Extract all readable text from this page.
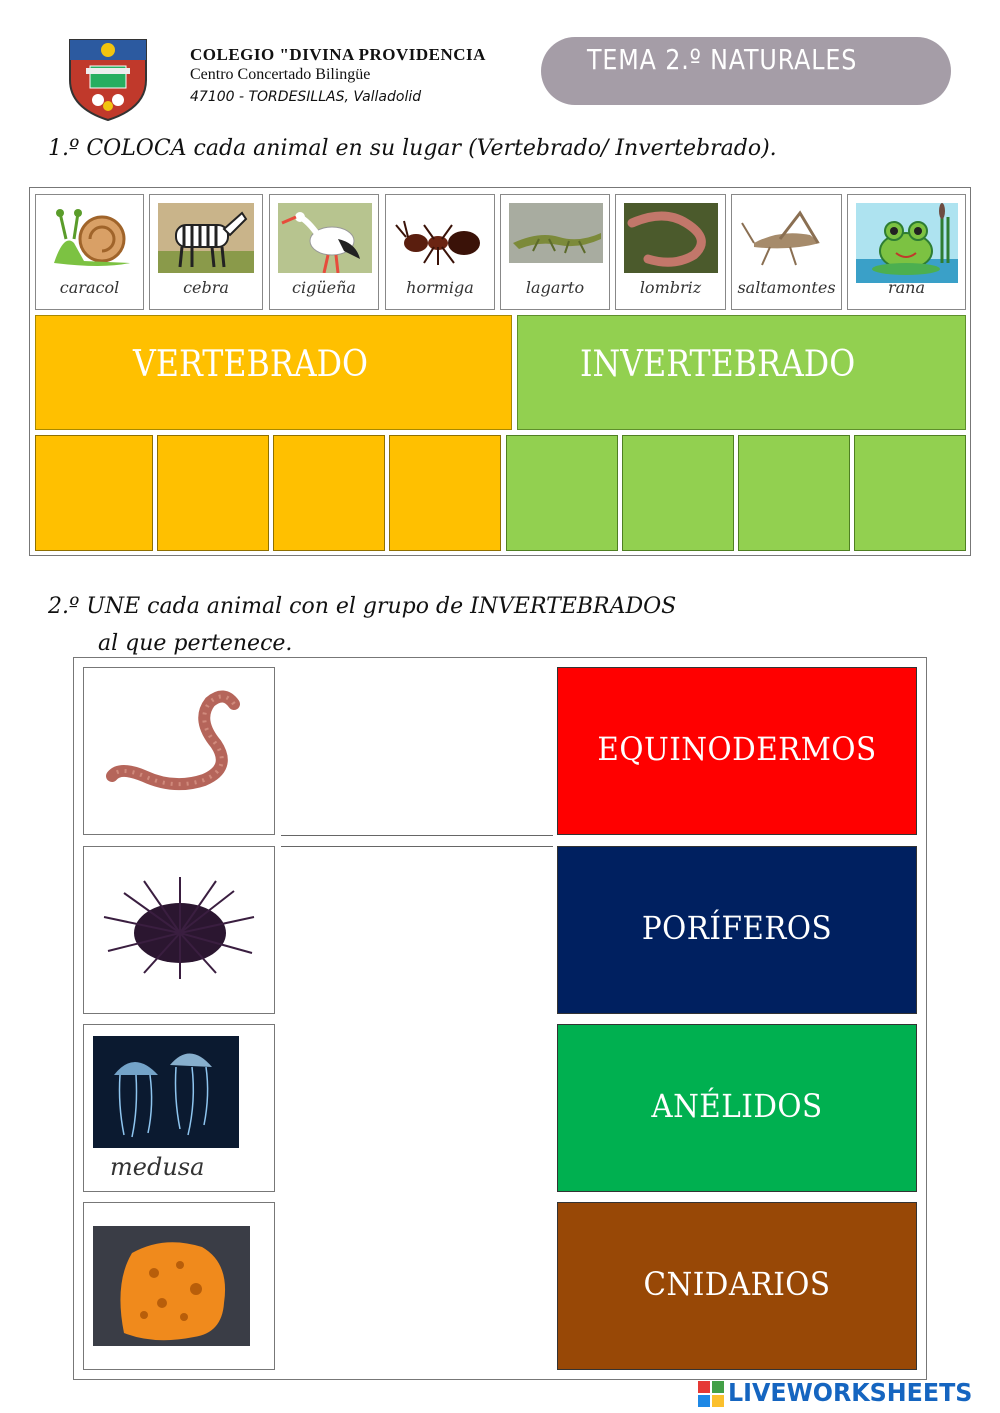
COLEGIO "DIVINA PROVIDENCIA
Centro Concertado Bilingüe
47100 - TORDESILLAS, Valladolid
TEMA 2.º NATURALES
1.º COLOCA cada animal en su lugar (Vertebrado/ Invertebrado).
caracol	cebra	cigüeña	hormiga	lagarto	lombriz	saltamontes	rana
VERTEBRADO	INVERTEBRADO
2.º UNE cada animal con el grupo de INVERTEBRADOS
al que pertenece.
medusa
EQUINODERMOS
PORÍFEROS
ANÉLIDOS
CNIDARIOS
LIVEWORKSHEETS
